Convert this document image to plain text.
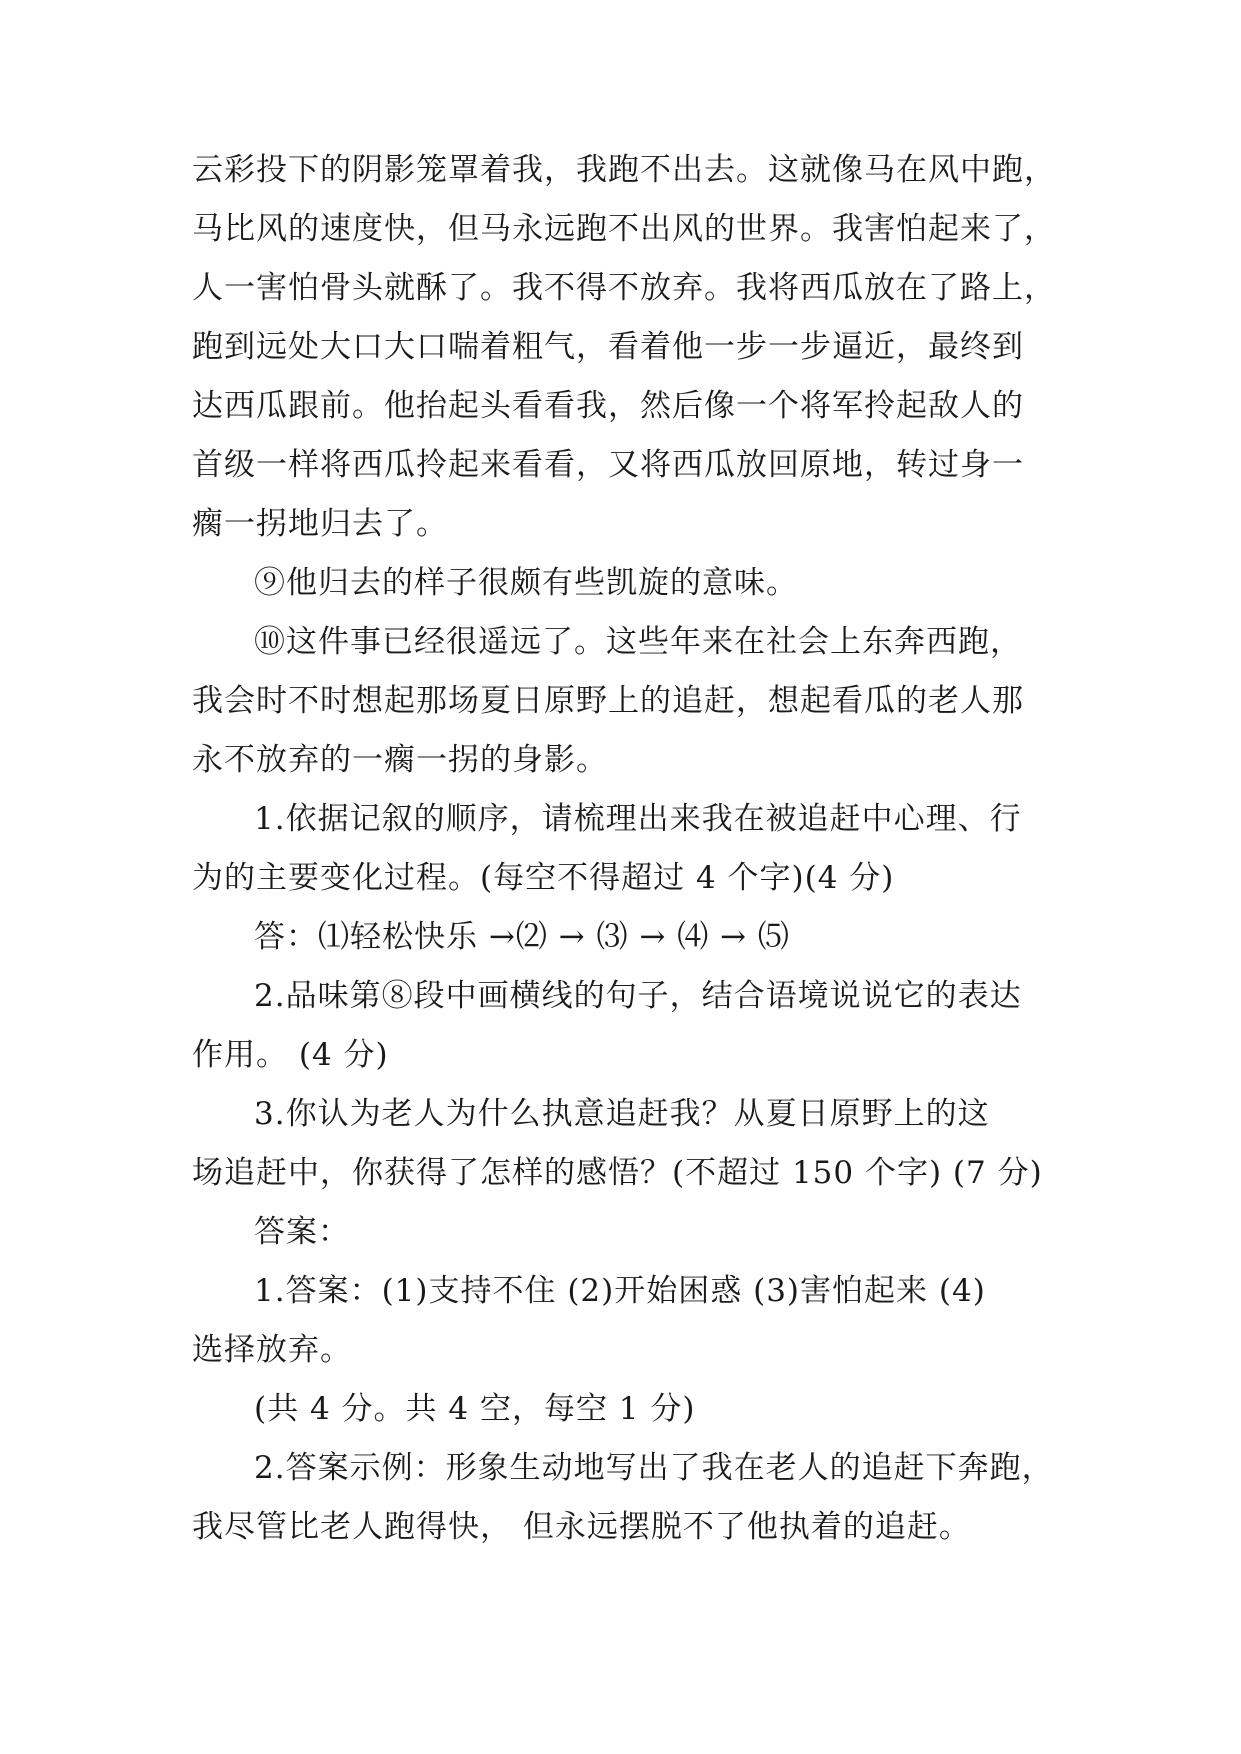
云彩投下的阴影笼罩着我，我跑不出去。这就像马在风中跑，
马比风的速度快，但马永远跑不出风的世界。我害怕起来了，
人一害怕骨头就酥了。我不得不放弃。我将西瓜放在了路上，
跑到远处大口大口喘着粗气，看着他一步一步逼近，最终到
达西瓜跟前。他抬起头看看我，然后像一个将军拎起敌人的
首级一样将西瓜拎起来看看，又将西瓜放回原地，转过身一
瘸一拐地归去了。
⑨他归去的样子很颇有些凯旋的意味。
⑩这件事已经很遥远了。这些年来在社会上东奔西跑，
我会时不时想起那场夏日原野上的追赶，想起看瓜的老人那
永不放弃的一瘸一拐的身影。
1.依据记叙的顺序，请梳理出来我在被追赶中心理、行
为的主要变化过程。(每空不得超过 4 个字)(4 分)
答：⑴轻松快乐 →⑵ → ⑶ → ⑷ → ⑸
2.品味第⑧段中画横线的句子，结合语境说说它的表达
作用。 (4 分)
3.你认为老人为什么执意追赶我？从夏日原野上的这
场追赶中，你获得了怎样的感悟？(不超过 150 个字) (7 分)
答案：
1.答案：(1)支持不住 (2)开始困惑 (3)害怕起来 (4)
选择放弃。
(共 4 分。共 4 空，每空 1 分)
2.答案示例：形象生动地写出了我在老人的追赶下奔跑，
我尽管比老人跑得快， 但永远摆脱不了他执着的追赶。
